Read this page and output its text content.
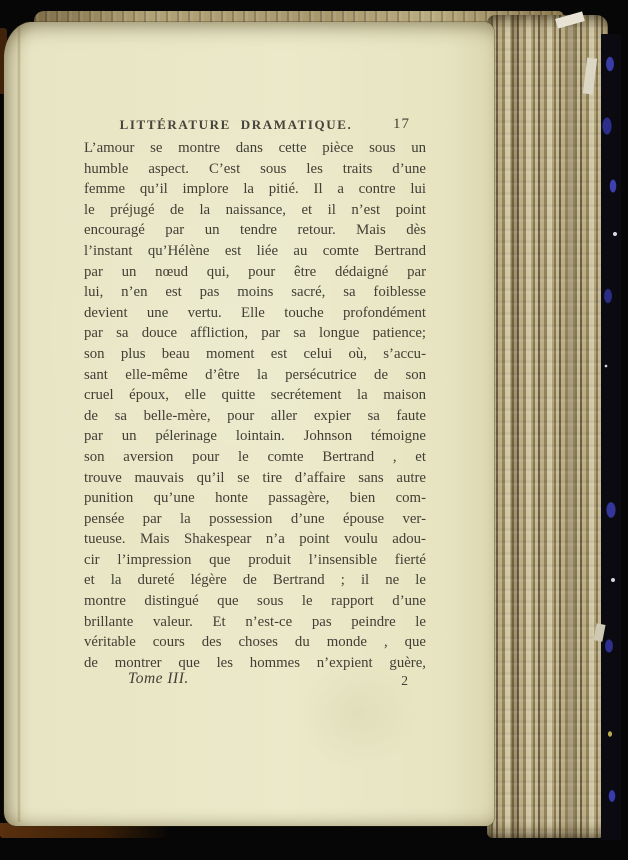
LITTÉRATURE DRAMATIQUE.	17
L’amour se montre dans cette pièce sous un
humble aspect. C’est sous les traits d’une
femme qu’il implore la pitié. Il a contre lui
le préjugé de la naissance, et il n’est point
encouragé par un tendre retour. Mais dès
l’instant qu’Hélène est liée au comte Bertrand
par un nœud qui, pour être dédaigné par
lui, n’en est pas moins sacré, sa foiblesse
devient une vertu. Elle touche profondément
par sa douce affliction, par sa longue patience;
son plus beau moment est celui où, s’accu-
sant elle-même d’être la persécutrice de son
cruel époux, elle quitte secrétement la maison
de sa belle-mère, pour aller expier sa faute
par un pélerinage lointain. Johnson témoigne
son aversion pour le comte Bertrand , et
trouve mauvais qu’il se tire d’affaire sans autre
punition qu’une honte passagère, bien com-
pensée par la possession d’une épouse ver-
tueuse. Mais Shakespear n’a point voulu adou-
cir l’impression que produit l’insensible fierté
et la dureté légère de Bertrand ; il ne le
montre distingué que sous le rapport d’une
brillante valeur. Et n’est-ce pas peindre le
véritable cours des choses du monde , que
de montrer que les hommes n’expient guère,
Tome III.	2
